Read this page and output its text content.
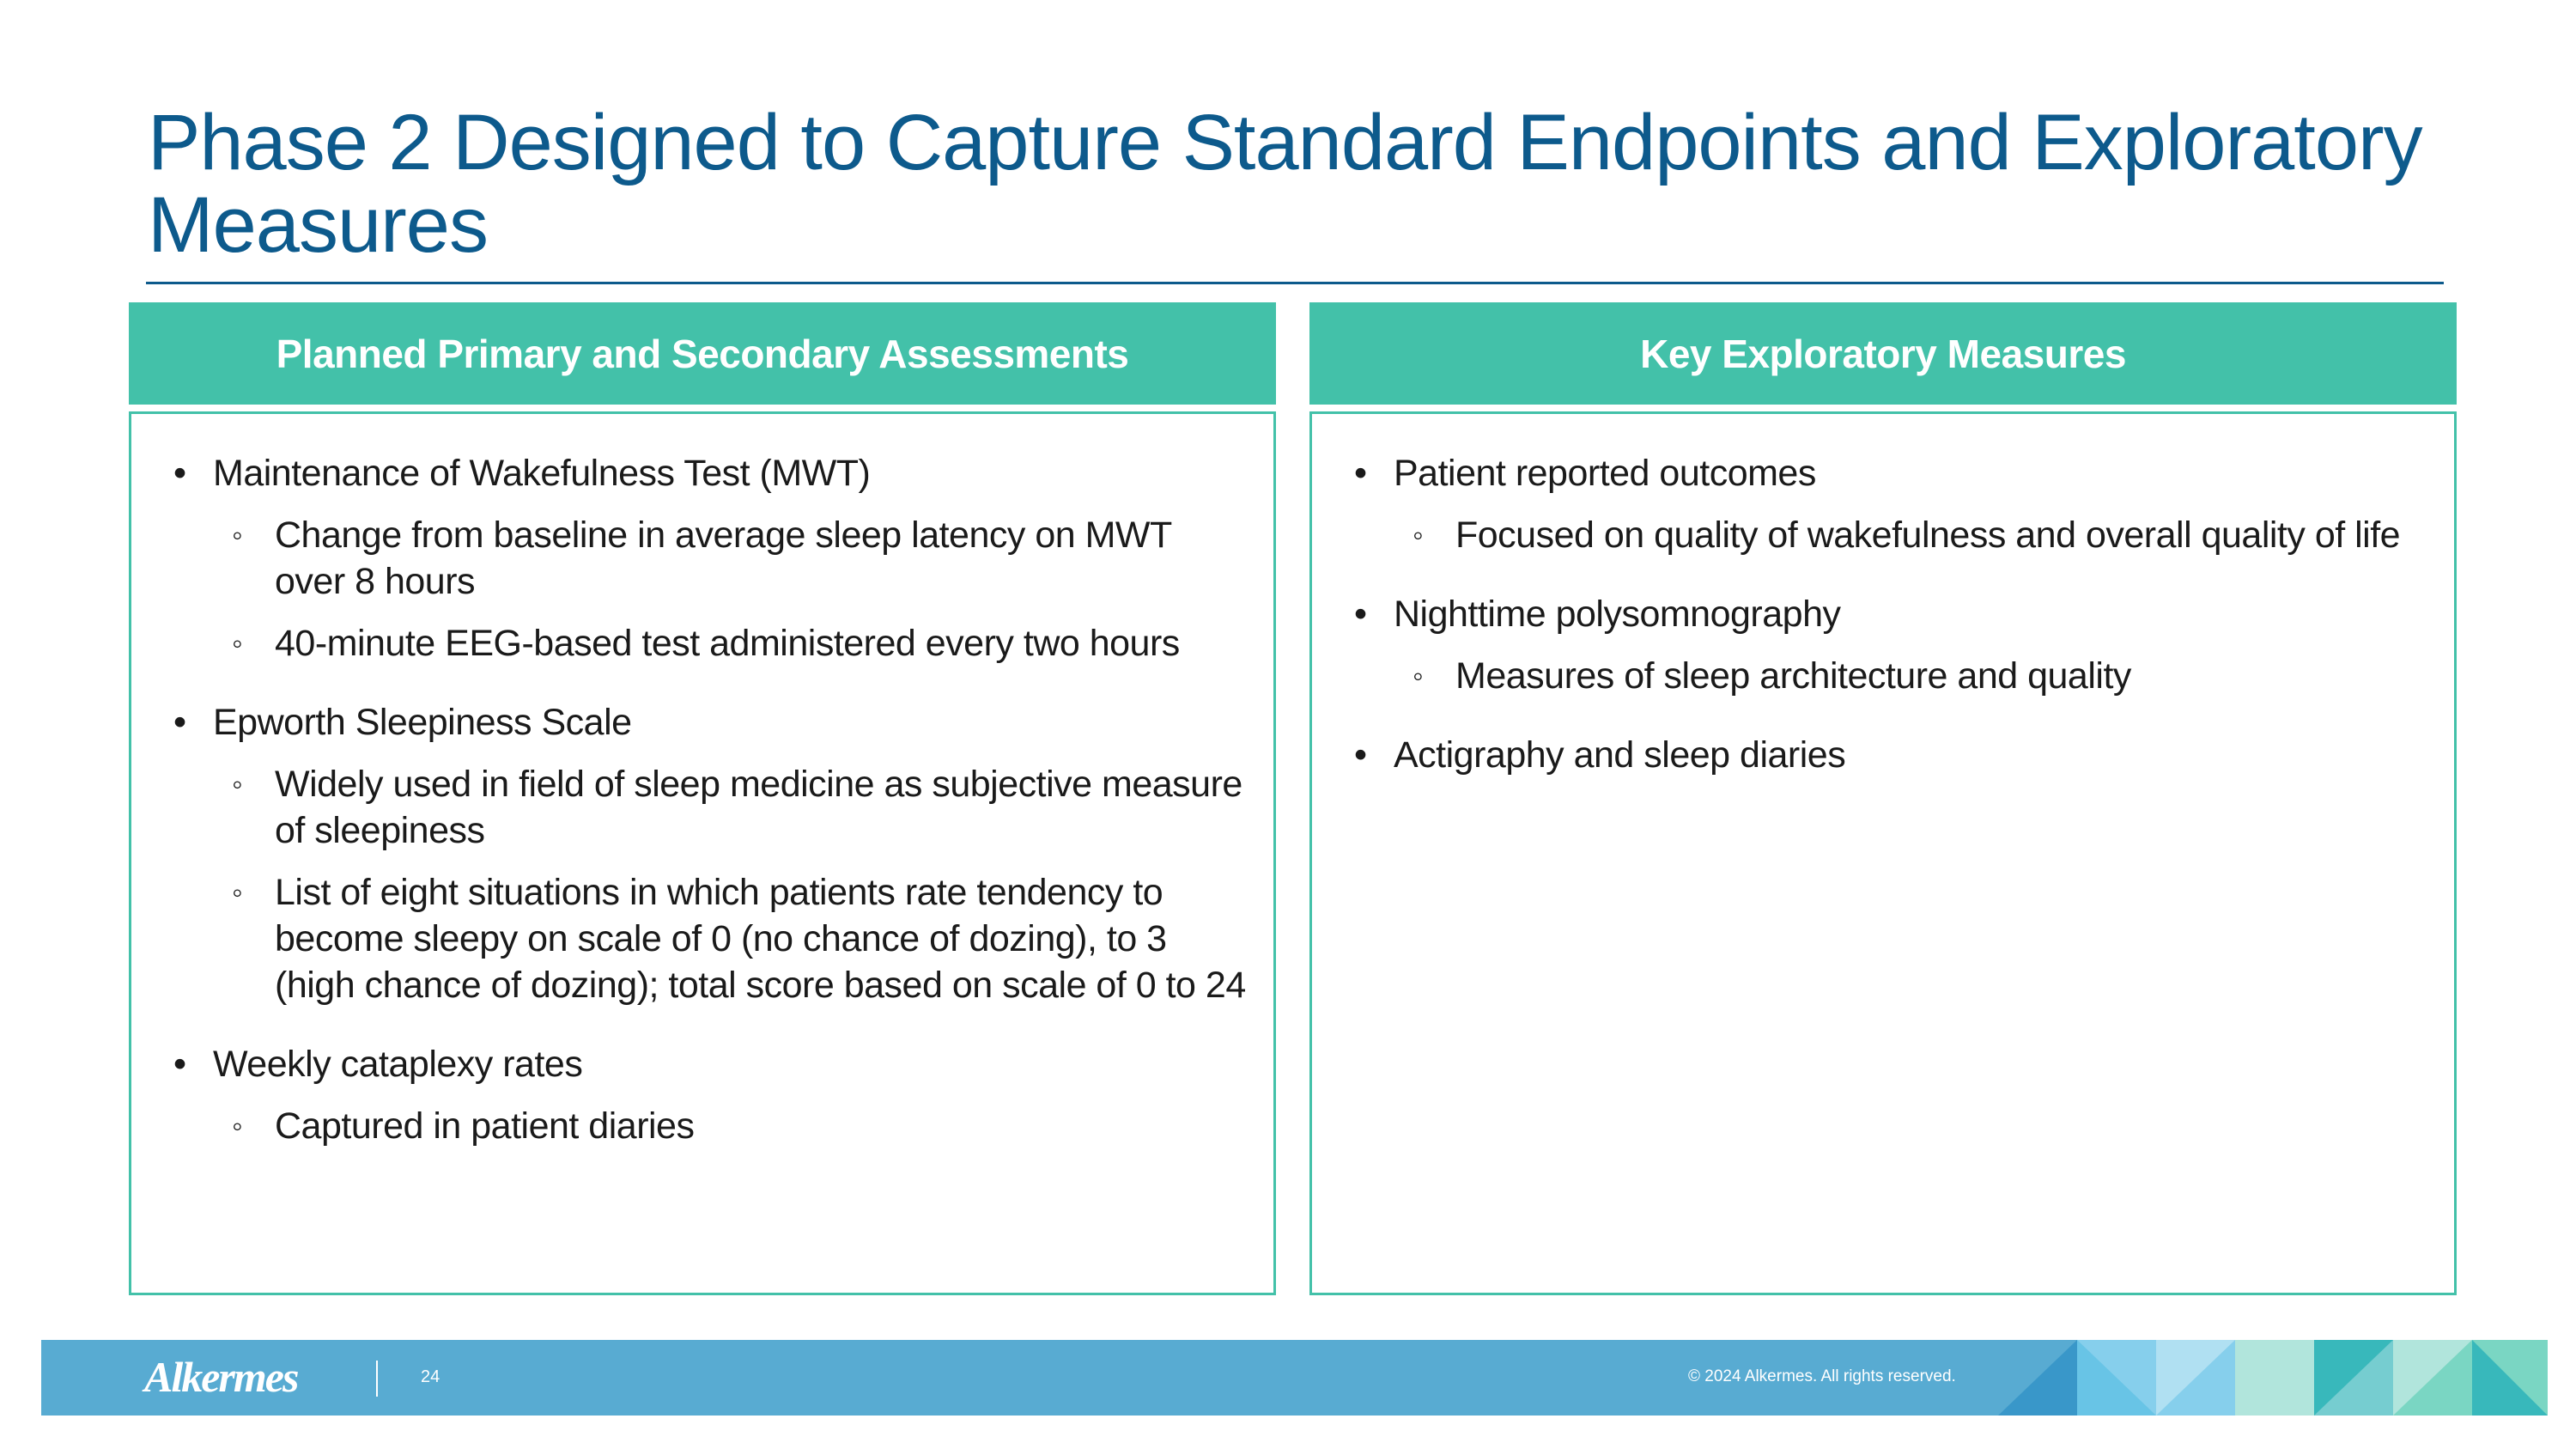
Phase 2 Designed to Capture Standard Endpoints and Exploratory Measures
Planned Primary and Secondary Assessments	Key Exploratory Measures
• Maintenance of Wakefulness Test (MWT)
◦ Change from baseline in average sleep latency on MWT over 8 hours
◦ 40-minute EEG-based test administered every two hours
• Epworth Sleepiness Scale
◦ Widely used in field of sleep medicine as subjective measure of sleepiness
◦ List of eight situations in which patients rate tendency to become sleepy on scale of 0 (no chance of dozing), to 3 (high chance of dozing); total score based on scale of 0 to 24
• Weekly cataplexy rates
◦ Captured in patient diaries
• Patient reported outcomes
◦ Focused on quality of wakefulness and overall quality of life
• Nighttime polysomnography
◦ Measures of sleep architecture and quality
• Actigraphy and sleep diaries
Alkermes	24	© 2024 Alkermes. All rights reserved.
